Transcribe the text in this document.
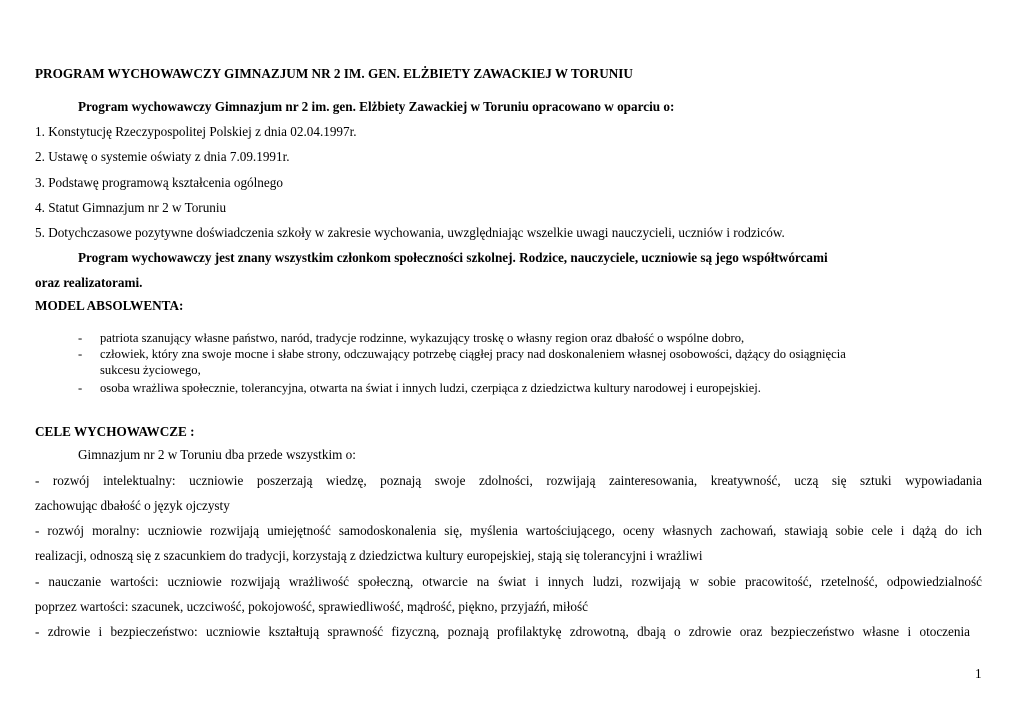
PROGRAM WYCHOWAWCZY GIMNAZJUM NR 2 IM. GEN. ELŻBIETY ZAWACKIEJ W TORUNIU
Program wychowawczy Gimnazjum nr 2 im. gen. Elżbiety Zawackiej w Toruniu opracowano w oparciu o:
1. Konstytucję Rzeczypospolitej Polskiej z dnia 02.04.1997r.
2. Ustawę o systemie oświaty z dnia 7.09.1991r.
3. Podstawę programową kształcenia ogólnego
4. Statut Gimnazjum nr 2 w Toruniu
5. Dotychczasowe pozytywne doświadczenia szkoły w zakresie wychowania, uwzględniając wszelkie uwagi nauczycieli, uczniów i rodziców.
Program wychowawczy jest znany wszystkim członkom społeczności szkolnej. Rodzice, nauczyciele, uczniowie są jego współtwórcami
oraz realizatorami.
MODEL ABSOLWENTA:
- patriota szanujący własne państwo, naród, tradycje rodzinne, wykazujący troskę o własny region oraz dbałość o wspólne dobro,
- człowiek, który zna swoje mocne i słabe strony, odczuwający potrzebę ciągłej pracy nad doskonaleniem własnej osobowości, dążący do osiągnięcia
sukcesu życiowego,
- osoba wrażliwa społecznie, tolerancyjna, otwarta na świat i innych ludzi, czerpiąca z dziedzictwa kultury narodowej i europejskiej.
CELE WYCHOWAWCZE :
Gimnazjum nr 2 w Toruniu dba przede wszystkim o:
- rozwój intelektualny: uczniowie poszerzają wiedzę, poznają swoje zdolności, rozwijają zainteresowania, kreatywność, uczą się sztuki wypowiadania
zachowując dbałość o język ojczysty
- rozwój moralny: uczniowie rozwijają umiejętność samodoskonalenia się, myślenia wartościującego, oceny własnych zachowań, stawiają sobie cele i dążą do ich
realizacji, odnoszą się z szacunkiem do tradycji, korzystają z dziedzictwa kultury europejskiej, stają się tolerancyjni i wrażliwi
- nauczanie wartości: uczniowie rozwijają wrażliwość społeczną, otwarcie na świat i innych ludzi, rozwijają w sobie pracowitość, rzetelność, odpowiedzialność
poprzez wartości: szacunek, uczciwość, pokojowość, sprawiedliwość, mądrość, piękno, przyjaźń, miłość
- zdrowie i bezpieczeństwo: uczniowie kształtują sprawność fizyczną, poznają profilaktykę zdrowotną, dbają o zdrowie oraz bezpieczeństwo własne i otoczenia
1
